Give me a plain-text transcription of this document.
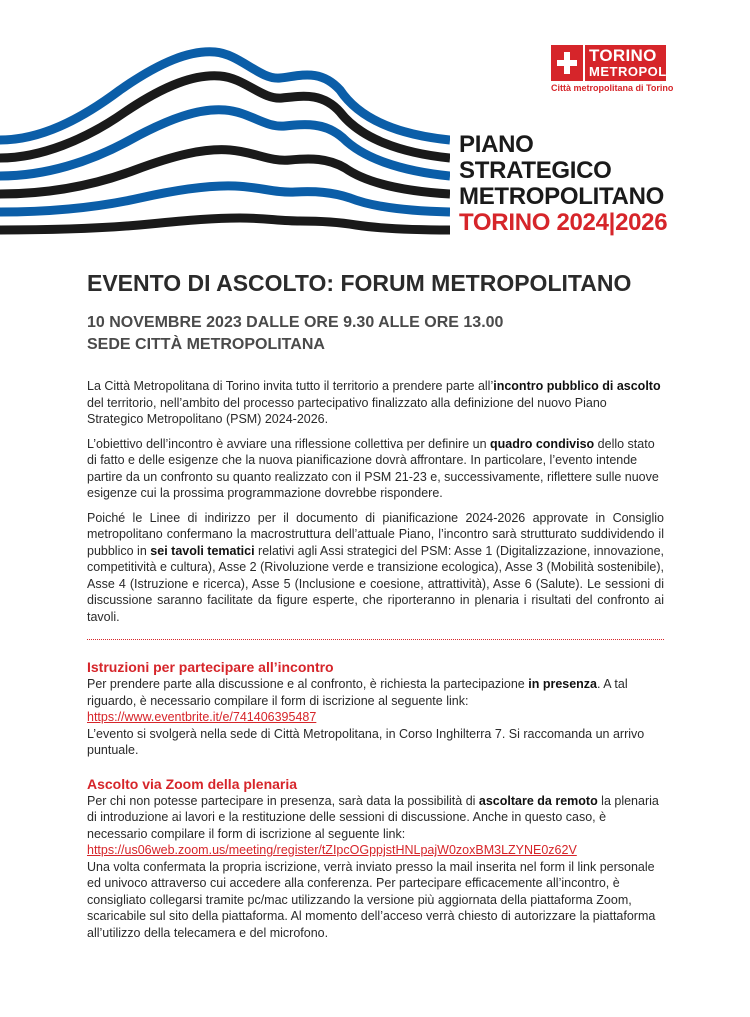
TORINO
METROPOLI
Città metropolitana di Torino
PIANO
STRATEGICO
METROPOLITANO
TORINO 2024|2026
EVENTO DI ASCOLTO: FORUM METROPOLITANO
10 NOVEMBRE 2023 DALLE ORE 9.30 ALLE ORE 13.00
SEDE CITTÀ METROPOLITANA

La Città Metropolitana di Torino invita tutto il territorio a prendere parte all’incontro pubblico di ascolto del territorio, nell’ambito del processo partecipativo finalizzato alla definizione del nuovo Piano Strategico Metropolitano (PSM) 2024-2026.

L’obiettivo dell’incontro è avviare una riflessione collettiva per definire un quadro condiviso dello stato di fatto e delle esigenze che la nuova pianificazione dovrà affrontare. In particolare, l’evento intende partire da un confronto su quanto realizzato con il PSM 21-23 e, successivamente, riflettere sulle nuove esigenze cui la prossima programmazione dovrebbe rispondere.

Poiché le Linee di indirizzo per il documento di pianificazione 2024-2026 approvate in Consiglio metropolitano confermano la macrostruttura dell’attuale Piano, l’incontro sarà strutturato suddividendo il pubblico in sei tavoli tematici relativi agli Assi strategici del PSM: Asse 1 (Digitalizzazione, innovazione, competitività e cultura), Asse 2 (Rivoluzione verde e transizione ecologica), Asse 3 (Mobilità sostenibile), Asse 4 (Istruzione e ricerca), Asse 5 (Inclusione e coesione, attrattività), Asse 6 (Salute). Le sessioni di discussione saranno facilitate da figure esperte, che riporteranno in plenaria i risultati del confronto ai tavoli.

Istruzioni per partecipare all’incontro

Per prendere parte alla discussione e al confronto, è richiesta la partecipazione in presenza. A tal riguardo, è necessario compilare il form di iscrizione al seguente link:
https://www.eventbrite.it/e/741406395487
L’evento si svolgerà nella sede di Città Metropolitana, in Corso Inghilterra 7. Si raccomanda un arrivo puntuale.

Ascolto via Zoom della plenaria

Per chi non potesse partecipare in presenza, sarà data la possibilità di ascoltare da remoto la plenaria di introduzione ai lavori e la restituzione delle sessioni di discussione. Anche in questo caso, è necessario compilare il form di iscrizione al seguente link:
https://us06web.zoom.us/meeting/register/tZIpcOGppjstHNLpajW0zoxBM3LZYNE0z62V
Una volta confermata la propria iscrizione, verrà inviato presso la mail inserita nel form il link personale ed univoco attraverso cui accedere alla conferenza. Per partecipare efficacemente all’incontro, è consigliato collegarsi tramite pc/mac utilizzando la versione più aggiornata della piattaforma Zoom, scaricabile sul sito della piattaforma. Al momento dell’acceso verrà chiesto di autorizzare la piattaforma all’utilizzo della telecamera e del microfono.
